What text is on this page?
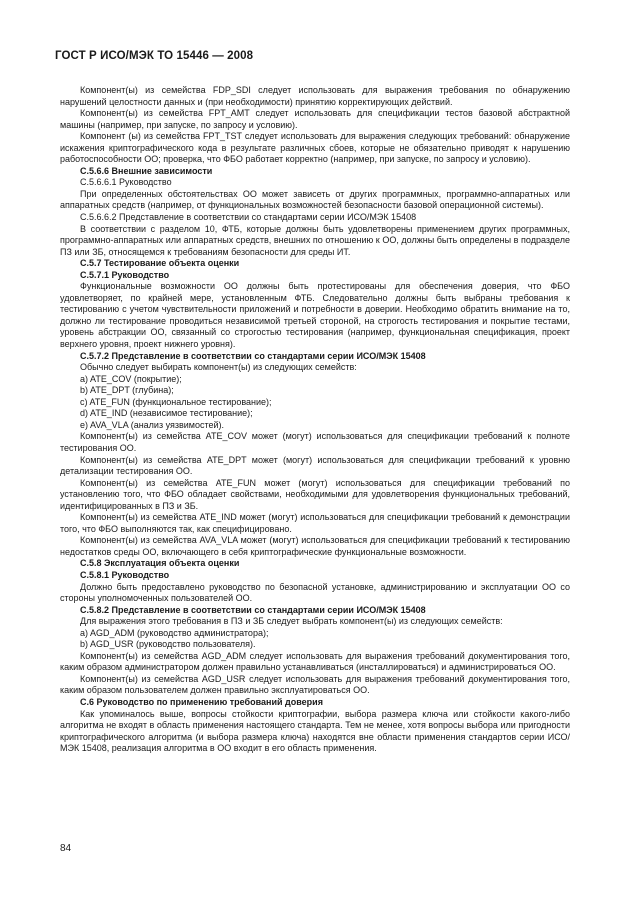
ГОСТ Р ИСО/МЭК ТО 15446 — 2008

Компонент(ы) из семейства FDP_SDI следует использовать для выражения требования по обнаружению нарушений целостности данных и (при необходимости) принятию корректирующих действий.

Компонент(ы) из семейства FPT_AMT следует использовать для спецификации тестов базовой абстрактной машины (например, при запуске, по запросу и условию).

Компонент (ы) из семейства FPT_TST следует использовать для выражения следующих требований: обнаружение искажения криптографического кода в результате различных сбоев, которые не обязательно приводят к нарушению работоспособности ОО; проверка, что ФБО работает корректно (например, при запуске, по запросу и условию).

С.5.6.6 Внешние зависимости

С.5.6.6.1 Руководство

При определенных обстоятельствах ОО может зависеть от других программных, программно-аппаратных или аппаратных средств (например, от функциональных возможностей безопасности базовой операционной системы).

С.5.6.6.2 Представление в соответствии со стандартами серии ИСО/МЭК 15408

В соответствии с разделом 10, ФТБ, которые должны быть удовлетворены применением других программных, программно-аппаратных или аппаратных средств, внешних по отношению к ОО, должны быть определены в подразделе ПЗ или ЗБ, относящемся к требованиям безопасности для среды ИТ.

С.5.7 Тестирование объекта оценки

С.5.7.1 Руководство

Функциональные возможности ОО должны быть протестированы для обеспечения доверия, что ФБО удовлетворяет, по крайней мере, установленным ФТБ. Следовательно должны быть выбраны требования к тестированию с учетом чувствительности приложений и потребности в доверии. Необходимо обратить внимание на то, должно ли тестирование проводиться независимой третьей стороной, на строгость тестирования и покрытие тестами, уровень абстракции ОО, связанный со строгостью тестирования (например, функциональная спецификация, проект верхнего уровня, проект нижнего уровня).

С.5.7.2 Представление в соответствии со стандартами серии ИСО/МЭК 15408

Обычно следует выбирать компонент(ы) из следующих семейств:

a) ATE_COV (покрытие);

b) ATE_DPT (глубина);

c) ATE_FUN (функциональное тестирование);

d) ATE_IND (независимое тестирование);

e) AVA_VLA (анализ уязвимостей).

Компонент(ы) из семейства ATE_COV может (могут) использоваться для спецификации требований к полноте тестирования ОО.

Компонент(ы) из семейства ATE_DPT может (могут) использоваться для спецификации требований к уровню детализации тестирования ОО.

Компонент(ы) из семейства ATE_FUN может (могут) использоваться для спецификации требований по установлению того, что ФБО обладает свойствами, необходимыми для удовлетворения функциональных требований, идентифицированных в ПЗ и ЗБ.

Компонент(ы) из семейства ATE_IND может (могут) использоваться для спецификации требований к демонстрации того, что ФБО выполняются так, как специфицировано.

Компонент(ы) из семейства AVA_VLA может (могут) использоваться для спецификации требований к тестированию недостатков среды ОО, включающего в себя криптографические функциональные возможности.

С.5.8 Эксплуатация объекта оценки

С.5.8.1 Руководство

Должно быть предоставлено руководство по безопасной установке, администрированию и эксплуатации ОО со стороны уполномоченных пользователей ОО.

С.5.8.2 Представление в соответствии со стандартами серии ИСО/МЭК 15408

Для выражения этого требования в ПЗ и ЗБ следует выбрать компонент(ы) из следующих семейств:

a) AGD_ADM (руководство администратора);

b) AGD_USR (руководство пользователя).

Компонент(ы) из семейства AGD_ADM следует использовать для выражения требований документирования того, каким образом администратором должен правильно устанавливаться (инсталлироваться) и администрироваться ОО.

Компонент(ы) из семейства AGD_USR следует использовать для выражения требований документирования того, каким образом пользователем должен правильно эксплуатироваться ОО.

С.6 Руководство по применению требований доверия

Как упоминалось выше, вопросы стойкости криптографии, выбора размера ключа или стойкости какого-либо алгоритма не входят в область применения настоящего стандарта. Тем не менее, хотя вопросы выбора или пригодности криптографического алгоритма (и выбора размера ключа) находятся вне области применения стандартов серии ИСО/МЭК 15408, реализация алгоритма в ОО входит в его область применения.

84
